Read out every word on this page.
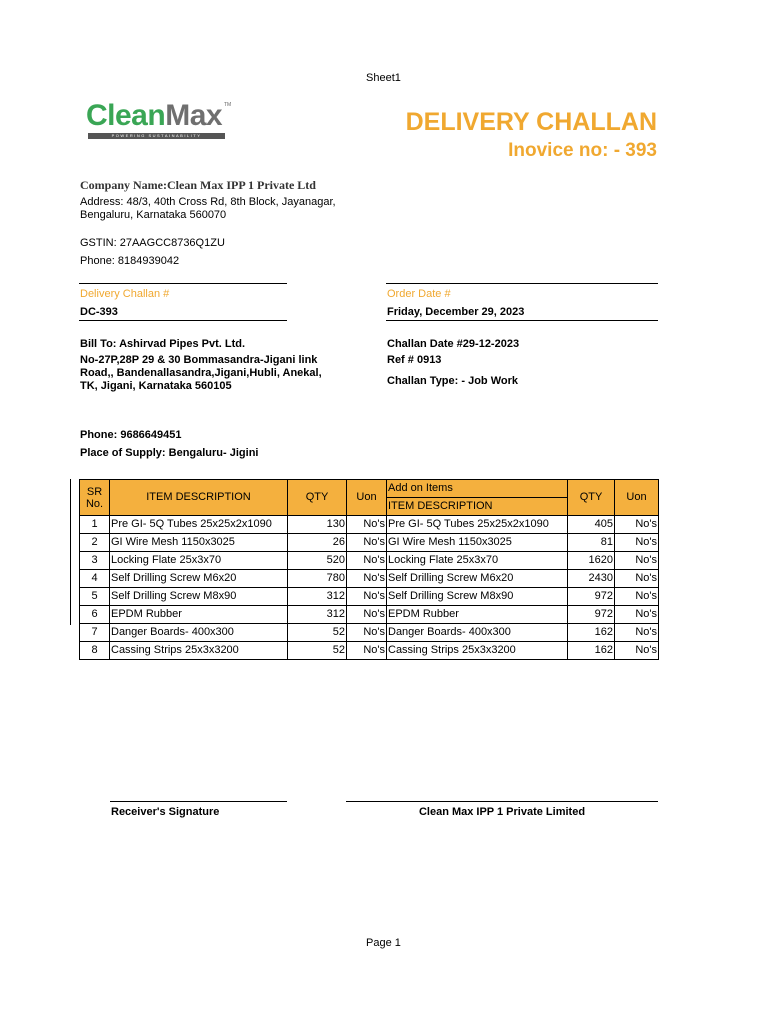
Sheet1
CleanMax TM
POWERING SUSTAINABILITY	DELIVERY CHALLAN
Inovice no: - 393
Company Name:Clean Max IPP 1 Private Ltd
Address: 48/3, 40th Cross Rd, 8th Block, Jayanagar,
Bengaluru, Karnataka 560070
GSTIN: 27AAGCC8736Q1ZU
Phone: 8184939042
Delivery Challan #	Order Date #
DC-393	Friday, December 29, 2023
Bill To: Ashirvad Pipes Pvt. Ltd.
No-27P,28P 29 & 30 Bommasandra-Jigani link
Road,, Bandenallasandra,Jigani,Hubli, Anekal,
TK, Jigani, Karnataka 560105
Challan Date #29-12-2023
Ref # 0913
Challan Type: - Job Work
Phone: 9686649451
Place of Supply: Bengaluru- Jigini
SR No.	ITEM DESCRIPTION	QTY	Uon	Add on Items	QTY	Uon
				ITEM DESCRIPTION		
1	Pre GI- 5Q Tubes 25x25x2x1090	130	No's	Pre GI- 5Q Tubes 25x25x2x1090	405	No's
2	GI Wire Mesh 1150x3025	26	No's	GI Wire Mesh 1150x3025	81	No's
3	Locking Flate 25x3x70	520	No's	Locking Flate 25x3x70	1620	No's
4	Self Drilling Screw M6x20	780	No's	Self Drilling Screw M6x20	2430	No's
5	Self Drilling Screw M8x90	312	No's	Self Drilling Screw M8x90	972	No's
6	EPDM Rubber	312	No's	EPDM Rubber	972	No's
7	Danger Boards- 400x300	52	No's	Danger Boards- 400x300	162	No's
8	Cassing Strips 25x3x3200	52	No's	Cassing Strips 25x3x3200	162	No's
Receiver's Signature	Clean Max IPP 1 Private Limited
Page 1
